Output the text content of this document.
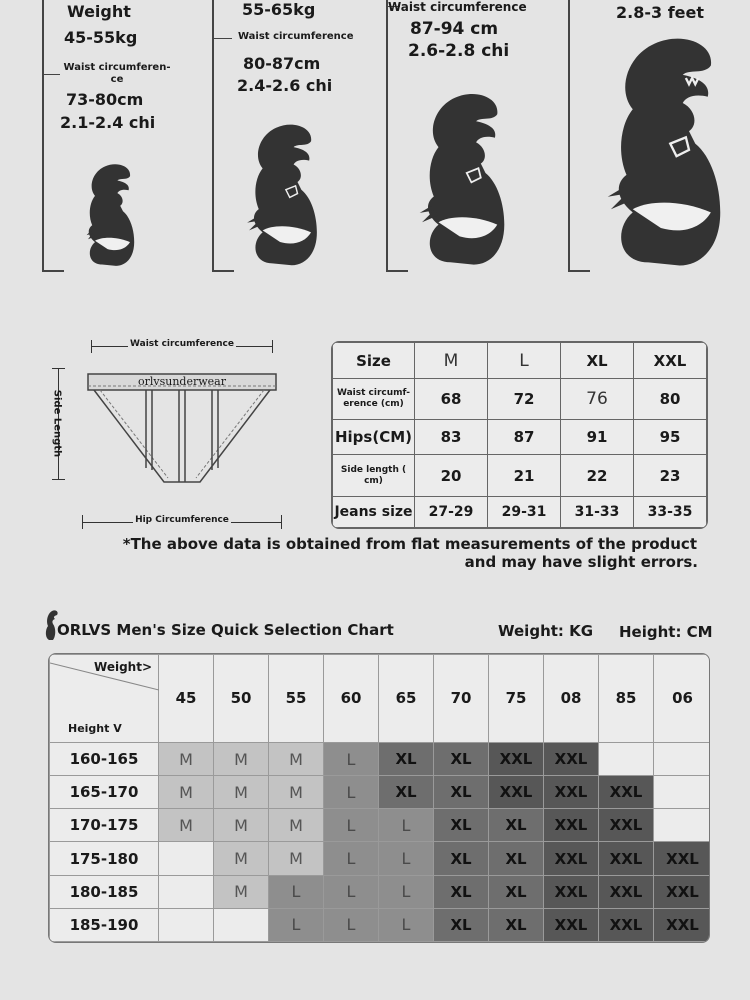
Weight
45-55kg
Waist circumferen-
ce
73-80cm
2.1-2.4 chi
55-65kg
Waist circumference
80-87cm
2.4-2.6 chi
Waist circumference
87-94 cm
2.6-2.8 chi
2.8-3 feet
Waist circumference
Side Length
orlvsunderwear
Hip Circumference
Size	M	L	XL	XXL
Waist circumf-erence (cm)	68	72	76	80
Hips(CM)	83	87	91	95
Side length ( cm)	20	21	22	23
Jeans size	27-29	29-31	31-33	33-35
*The above data is obtained from flat measurements of the product
and may have slight errors.
ORLVS Men's Size Quick Selection Chart	Weight: KG Height: CM
Weight>
Height V	45	50	55	60	65	70	75	08	85	06
160-165	M	M	M	L	XL	XL	XXL	XXL		
165-170	M	M	M	L	XL	XL	XXL	XXL	XXL	
170-175	M	M	M	L	L	XL	XL	XXL	XXL	
175-180		M	M	L	L	XL	XL	XXL	XXL	XXL
180-185		M	L	L	L	XL	XL	XXL	XXL	XXL
185-190			L	L	L	XL	XL	XXL	XXL	XXL
